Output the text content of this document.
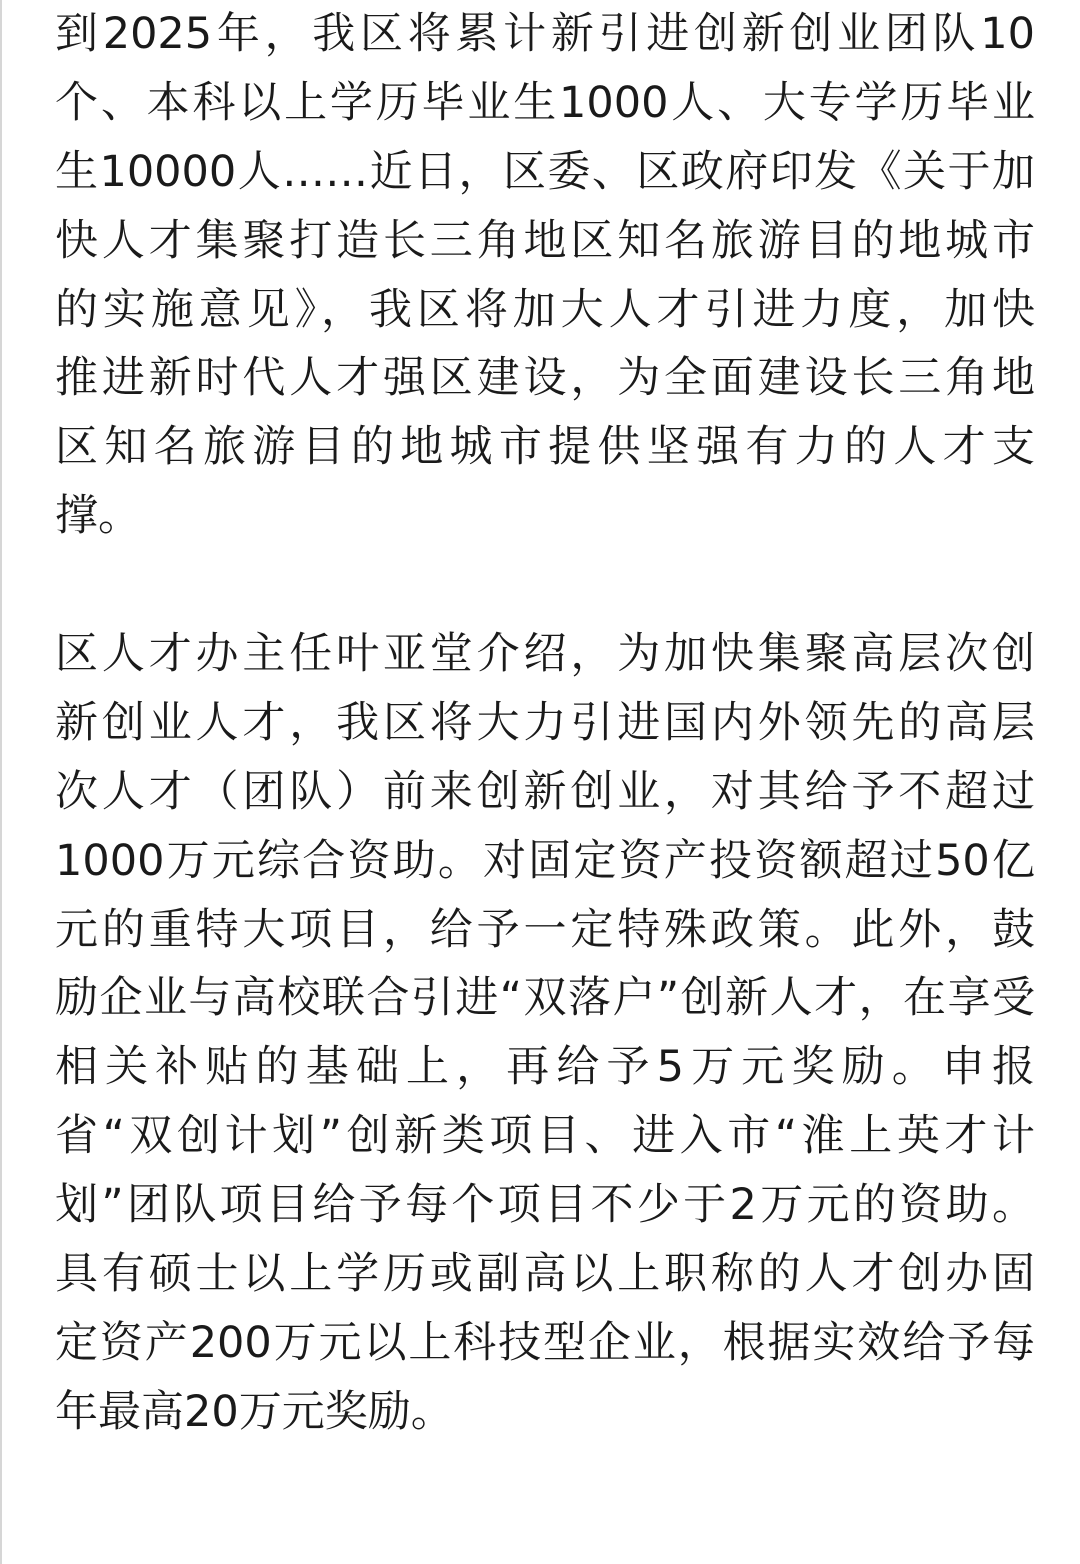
到2025年，我区将累计新引进创新创业团队10
个、本科以上学历毕业生1000人、大专学历毕业
生10000人……近日，区委、区政府印发《关于加
快人才集聚打造长三角地区知名旅游目的地城市
的实施意见》，我区将加大人才引进力度，加快
推进新时代人才强区建设，为全面建设长三角地
区知名旅游目的地城市提供坚强有力的人才支
撑。
区人才办主任叶亚堂介绍，为加快集聚高层次创
新创业人才，我区将大力引进国内外领先的高层
次人才（团队）前来创新创业，对其给予不超过
1000万元综合资助。对固定资产投资额超过50亿
元的重特大项目，给予一定特殊政策。此外，鼓
励企业与高校联合引进“双落户”创新人才，在享受
相关补贴的基础上，再给予5万元奖励。申报
省“双创计划”创新类项目、进入市“淮上英才计
划”团队项目给予每个项目不少于2万元的资助。
具有硕士以上学历或副高以上职称的人才创办固
定资产200万元以上科技型企业，根据实效给予每
年最高20万元奖励。
